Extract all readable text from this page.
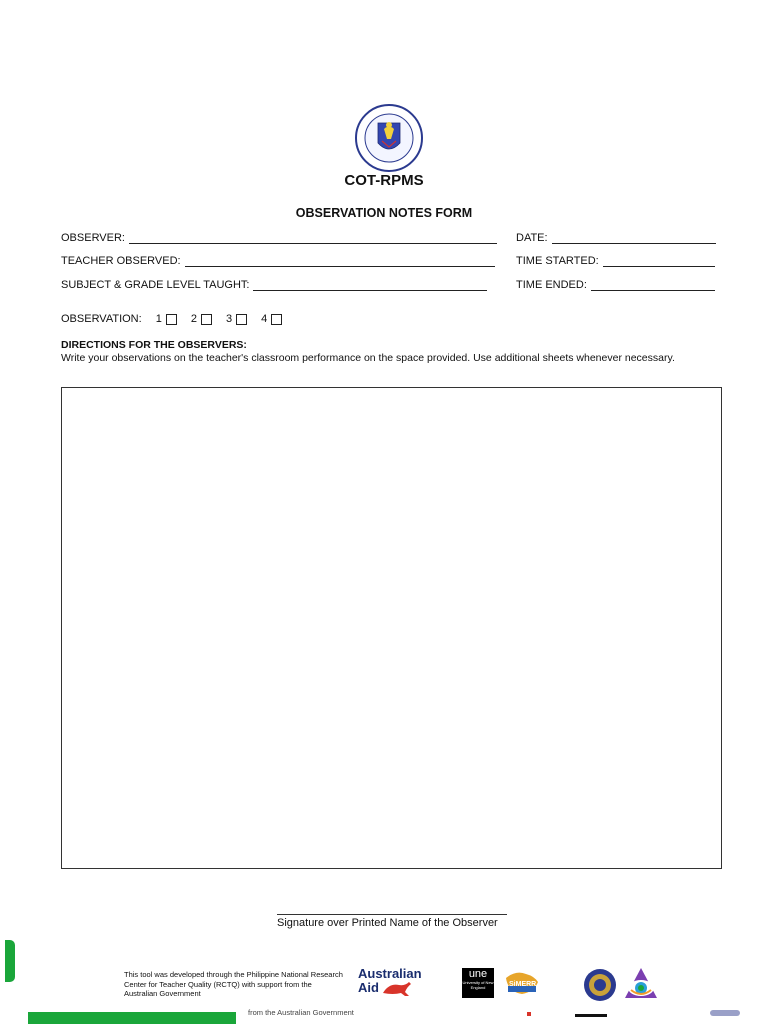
COT-RPMS
OBSERVATION NOTES FORM
OBSERVER:	DATE:
TEACHER OBSERVED:	TIME STARTED:
SUBJECT & GRADE LEVEL TAUGHT:	TIME ENDED:
OBSERVATION: 1	2	3	4
DIRECTIONS FOR THE OBSERVERS:
Write your observations on the teacher's classroom performance on the space provided. Use additional sheets whenever necessary.
Signature over Printed Name of the Observer
This tool was developed through the Philippine National Research Center for Teacher Quality (RCTQ) with support from the Australian Government
from the Australian Government
Australian
Aid
une
University of New England	SiMERR
